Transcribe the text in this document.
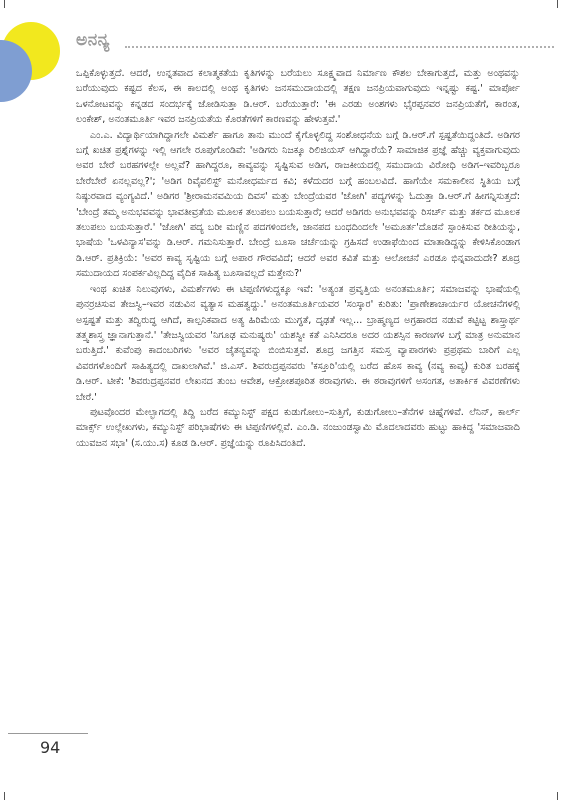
ಅನನ್ಯ

ಒಪ್ಪಿಕೊಳ್ಳುತ್ತದೆ. ಆದರೆ, ಉನ್ನತವಾದ ಕಲಾತ್ಮಕತೆಯ ಕೃತಿಗಳನ್ನು ಬರೆಯಲು ಸೂಕ್ಷ್ಮವಾದ ನಿರ್ಮಾಣ ಕೌಶಲ ಬೇಕಾಗುತ್ತದೆ, ಮತ್ತು ಅಂಥವನ್ನು ಬರೆಯುವುದು ಕಷ್ಟದ ಕೆಲಸ, ಈ ಕಾಲದಲ್ಲಿ ಅಂಥ ಕೃತಿಗಳು ಜನಸಮುದಾಯದಲ್ಲಿ ತಕ್ಷಣ ಜನಪ್ರಿಯವಾಗುವುದು ಇನ್ನಷ್ಟು ಕಷ್ಟ.' ಮಾರ್ಪೋ ಒಳನೋಟವನ್ನು ಕನ್ನಡದ ಸಂದರ್ಭಕ್ಕೆ ಜೋಡಿಸುತ್ತಾ ಡಿ.ಆರ್. ಬರೆಯುತ್ತಾರೆ: 'ಈ ಎರಡು ಅಂಶಗಳು ಭೈರಪ್ಪನವರ ಜನಪ್ರಿಯತೆಗೆ, ಕಾರಂತ, ಲಂಕೇಶ್, ಅನಂತಮೂರ್ತಿ ಇವರ ಜನಪ್ರಿಯತೆಯ ಕೊರತೆಗಳಿಗೆ ಕಾರಣವನ್ನು ಹೇಳುತ್ತವೆ.'

ಎಂ.ಎ. ವಿದ್ಯಾರ್ಥಿಯಾಗಿದ್ದಾಗಲೇ ವಿಮರ್ಶೆ ಹಾಗೂ ತಾನು ಮುಂದೆ ಕೈಗೊಳ್ಳಲಿದ್ದ ಸಂಶೋಧನೆಯ ಬಗ್ಗೆ ಡಿ.ಆರ್.ಗೆ ಸ್ಪಷ್ಟತೆಯಿದ್ದಂತಿದೆ. ಅಡಿಗರ ಬಗ್ಗೆ ಖಚಿತ ಪ್ರಶ್ನೆಗಳನ್ನು ಇಲ್ಲಿ ಆಗಲೇ ರೂಪುಗೊಂಡಿವೆ: 'ಅಡಿಗರು ನಿಜಕ್ಕೂ ರಿಲಿಜಿಯಸ್ ಆಗಿದ್ದಾರೆಯೆ? ಸಾಮಾಜಿಕ ಪ್ರಜ್ಞೆ ಹೆಚ್ಚು ವ್ಯಕ್ತವಾಗುವುದು ಅವರ ಬೇರೆ ಬರಹಗಳಲ್ಲೇ ಅಲ್ಲವೆ? ಹಾಗಿದ್ದರೂ, ಕಾವ್ಯವನ್ನು ಸೃಷ್ಟಿಸುವ ಅಡಿಗ, ರಾಜಕೀಯದಲ್ಲಿ ಸಮುದಾಯ ವಿರೋಧಿ ಅಡಿಗ–ಇವರಿಬ್ಬರೂ ಬೇರೆಬೇರೆ ಏನಲ್ಲವಲ್ಲ?'; 'ಅಡಿಗ ರಿವೈವಲಿಸ್ಟ್ ಮನೋಧರ್ಮದ ಕವಿ; ಕಳೆದುದರ ಬಗ್ಗೆ ಹಂಬಲವಿದೆ. ಹಾಗೆಯೇ ಸಮಕಾಲೀನ ಸ್ಥಿತಿಯ ಬಗ್ಗೆ ನಿಷ್ಠುರವಾದ ವ್ಯಂಗ್ಯವಿದೆ.' ಅಡಿಗರ 'ಶ್ರೀರಾಮನವಮಿಯ ದಿವಸ' ಮತ್ತು ಬೇಂದ್ರೆಯವರ 'ಜೋಗಿ' ಪದ್ಯಗಳನ್ನು ಓದುತ್ತಾ ಡಿ.ಆರ್.ಗೆ ಹೀಗನ್ನಿಸುತ್ತದೆ: 'ಬೇಂದ್ರೆ ತಮ್ಮ ಅನುಭವವನ್ನು ಭಾವತೀವ್ರತೆಯ ಮೂಲಕ ತಲುಪಲು ಬಯಸುತ್ತಾರೆ; ಆದರೆ ಅಡಿಗರು ಅನುಭವವನ್ನು ರಿಸರ್ಚ್ ಮತ್ತು ತರ್ಕದ ಮೂಲಕ ತಲುಪಲು ಬಯಸುತ್ತಾರೆ.' 'ಜೋಗಿ' ಪದ್ಯ ಬರೀ ಮಣ್ಣಿನ ಪದಗಳಿಂದಲೇ, ಜಾನಪದ ಬಂಧದಿಂದಲೇ 'ಅಮೂರ್ತ'ದೊಡನೆ ಸ್ಪಾಂಕಿಸುವ ರೀತಿಯನ್ನು, ಭಾಷೆಯ 'ಒಳವಿನ್ಯಾಸ'ವನ್ನು ಡಿ.ಆರ್. ಗಮನಿಸುತ್ತಾರೆ. ಬೇಂದ್ರೆ ಬೂಸಾ ಚರ್ಚೆಯನ್ನು ಗ್ರಹಿಸದೆ ಉಡಾಫೆಯಿಂದ ಮಾತಾಡಿದ್ದನ್ನು ಕೇಳಿಸಿಕೊಂಡಾಗ ಡಿ.ಆರ್. ಪ್ರತಿಕ್ರಿಯೆ: 'ಅವರ ಕಾವ್ಯ ಸೃಷ್ಟಿಯ ಬಗ್ಗೆ ಅಪಾರ ಗೌರವವಿದೆ; ಆದರೆ ಅವರ ಕವಿತೆ ಮತ್ತು ಆಲೋಚನೆ ಎರಡೂ ಭಿನ್ನವಾದುದೇ? ಶೂದ್ರ ಸಮುದಾಯದ ಸಂಪರ್ಕವಿಲ್ಲದಿದ್ದ ವೈದಿಕ ಸಾಹಿತ್ಯ ಬೂಸಾವಲ್ಲದೆ ಮತ್ತೇನು?'

ಇಂಥ ಖಚಿತ ನಿಲುವುಗಳು, ವಿಮರ್ಶೆಗಳು ಈ ಟಿಪ್ಪಣಿಗಳುದ್ದಕ್ಕೂ ಇವೆ: 'ಅತ್ಯಂತ ಪ್ರವೃತ್ತಿಯ ಅನಂತಮೂರ್ತಿ; ಸಮಾಜವನ್ನು ಭಾಷೆಯಲ್ಲಿ ಪುನರ್ರಚಿಸುವ ತೇಜಸ್ವಿ–ಇವರ ನಡುವಿನ ವ್ಯತ್ಯಾಸ ಮಹತ್ವದ್ದು.' ಅನಂತಮೂರ್ತಿಯವರ 'ಸಂಸ್ಕಾರ' ಕುರಿತು: 'ಪ್ರಾಣೇಶಾಚಾರ್ಯರ ಯೋಚನೆಗಳಲ್ಲಿ ಅಸ್ಪಷ್ಟತೆ ಮತ್ತು ತದ್ವಿರುದ್ಧ ಆಗಿದೆ, ಕಾಲ್ಪನಿಕವಾದ ಅತ್ಯ ಹಿರಿಮೆಯ ಮುಗ್ಧತೆ, ದೃಢತೆ ಇಲ್ಲ... ಬ್ರಾಹ್ಮಣ್ಯದ ಅಗ್ರಹಾರದ ನಡುವೆ ಕಟ್ಟಿಟ್ಟ ಶಾಸ್ತ್ರಾರ್ಥ ತತ್ತ್ವಶಾಸ್ತ್ರ ಜ್ಞಾನಾಗುತ್ತಾನೆ.' 'ತೇಜಸ್ವಿಯವರ 'ನಿಗೂಢ ಮನುಷ್ಯರು' ಯಶಸ್ವೀ ಕತೆ ಎನಿಸಿದರೂ ಅದರ ಯಶಸ್ಸಿನ ಕಾರಣಗಳ ಬಗ್ಗೆ ಮಾತ್ರ ಅನುಮಾನ ಬರುತ್ತಿದೆ.' ಕುವೆಂಪು ಕಾದಂಬರಿಗಳು 'ಅವರ ಚೈತನ್ಯವನ್ನು ಬಿಂಬಿಸುತ್ತವೆ. ಶೂದ್ರ ಜಗತ್ತಿನ ಸಮಸ್ತ ವ್ಯಾಪಾರಗಳು ಪ್ರಪ್ರಥಮ ಬಾರಿಗೆ ಎಲ್ಲ ವಿವರಗಳೊಂದಿಗೆ ಸಾಹಿತ್ಯದಲ್ಲಿ ದಾಖಲಾಗಿವೆ.' ಜಿ.ಎಸ್. ಶಿವರುದ್ರಪ್ಪನವರು 'ಕಸ್ತೂರಿ'ಯಲ್ಲಿ ಬರೆದ ಹೊಸ ಕಾವ್ಯ (ನವ್ಯ ಕಾವ್ಯ) ಕುರಿತ ಬರಹಕ್ಕೆ ಡಿ.ಆರ್. ಟೀಕೆ: 'ಶಿವರುದ್ರಪ್ಪನವರ ಲೇಖನದ ತುಂಬ ಆವೇಶ, ಆಕ್ರೋಶಪೂರಿತ ಠರಾವುಗಳು. ಈ ಠರಾವುಗಳಿಗೆ ಅಸಂಗತ, ಅತಾರ್ಕಿಕ ವಿವರಣೆಗಳು ಬೇರೆ.'

ಪುಟವೊಂದರ ಮೇಲ್ಭಾಗದಲ್ಲಿ ತಿದ್ದಿ ಬರೆದ ಕಮ್ಯುನಿಸ್ಟ್ ಪಕ್ಷದ ಕುಡುಗೋಲು–ಸುತ್ತಿಗೆ, ಕುಡುಗೋಲು–ತೆನೆಗಳ ಚಿಹ್ನೆಗಳಿವೆ. ಲೆನಿನ್, ಕಾರ್ಲ್ ಮಾರ್ಕ್ಸ್ ಉಲ್ಲೇಖಗಳು, ಕಮ್ಯುನಿಸ್ಟ್ ಪರಿಭಾಷೆಗಳು ಈ ಟಿಪ್ಪಣಿಗಳಲ್ಲಿವೆ. ಎಂ.ಡಿ. ನಂಜುಂಡಸ್ವಾಮಿ ಮೊದಲಾದವರು ಹುಟ್ಟು ಹಾಕಿದ್ದ 'ಸಮಾಜವಾದಿ ಯುವಜನ ಸಭಾ' (ಸ.ಯು.ಸ) ಕೂಡ ಡಿ.ಆರ್. ಪ್ರಜ್ಞೆಯನ್ನು ರೂಪಿಸಿದಂತಿದೆ.

94
